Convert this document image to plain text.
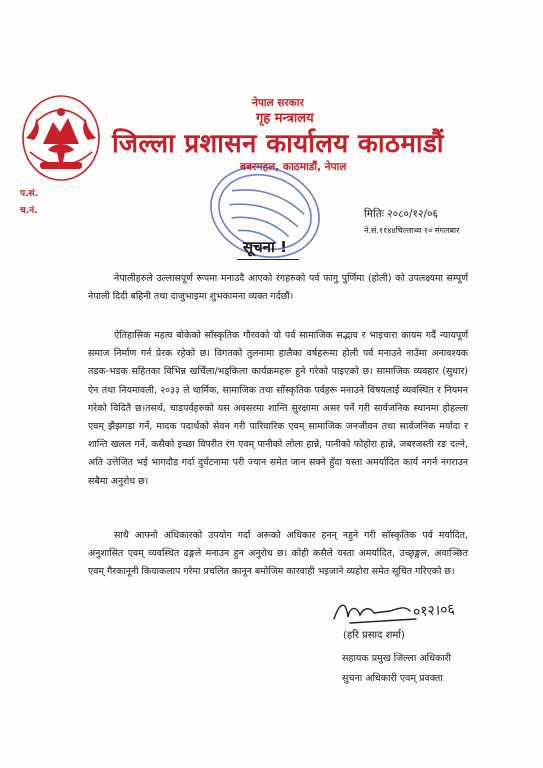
नेपाल सरकार
गृह मन्त्रालय
जिल्ला प्रशासन कार्यालय काठमाडौं
बबरमहल, काठमाडौं, नेपाल
प.सं.
च.नं.	मितिः २०८०/१२/०६
ने.सं.११४४चिल्लाथ्व १० मंगलबार
सूचना !
नेपालीहरुले उल्लासपूर्ण रूपमा मनाउदै आएको रंगहरुको पर्व फागु पुर्णिमा (होली) को उपलक्ष्यमा सम्पूर्ण नेपाली दिदी बहिनी तथा दाजुभाइमा शुभकामना व्यक्त गर्दछौं।
ऐतिहासिक महत्व बोकेको साँस्कृतिक गौरवको यो पर्व सामाजिक सद्भाव र भाइचारा कायम गर्दै न्यायपूर्ण समाज निर्माण गर्न प्रेरक रहेको छ। विगतको तुलनामा हालैका वर्षहरूमा होली पर्व मनाउने नाउँमा अनावश्यक तडक-भडक सहितका विभिन्न खर्चिला/भड्किला कार्यक्रमहरू हुने गरेको पाइएको छ। सामाजिक व्यवहार (सुधार) ऐन तथा नियमावली, २०३३ ले धार्मिक, सामाजिक तथा साँस्कृतिक पर्वहरू मनाउने विषयलाई व्यवस्थित र नियमन गरेको विदितै छ।तसर्थ, चाडपर्वहरुको यस अवसरमा शान्ति सुरक्षामा असर पर्ने गरी सार्वजनिक स्थानमा होहल्ला एवम् झैझगडा गर्ने, मादक पदार्थको सेवन गरी पारिवारिक एवम् सामाजिक जनजीवन तथा सार्वजनिक मर्यादा र शान्ति खलल गर्ने, कसैको इच्छा विपरीत रंग एवम् पानीको लोला हान्ने, पानीको फोहोरा हान्ने, जबरजस्ती रङ दल्ने, अति उत्तेजित भई भागदौड गर्दा दुर्घटनामा परी ज्यान समेत जान सक्ने हुँदा यस्ता अमर्यादित कार्य नगर्न नगराउन सबैमा अनुरोध छ।
साथै आफ्नो अधिकारको उपयोग गर्दा अरूको अधिकार हनन् नहुने गरी साँस्कृतिक पर्व मर्यादित, अनुशासित एवम् व्यवस्थित ढङ्गले मनाउन हुन अनुरोध छ। कोही कसैले यस्ता अमर्यादित, उच्छृङ्खल, अवाञ्छित एवम् गैरकानूनी कियाकलाप गरेमा प्रचलित कानून बमोजिम कारवाही भइजाने व्यहोरा समेत सूचित गरिएको छ।
०१२।०६
(हरि प्रसाद शर्मा)
सहायक प्रमुख जिल्ला अधिकारी
सुचना अधिकारी एवम् प्रवक्ता
